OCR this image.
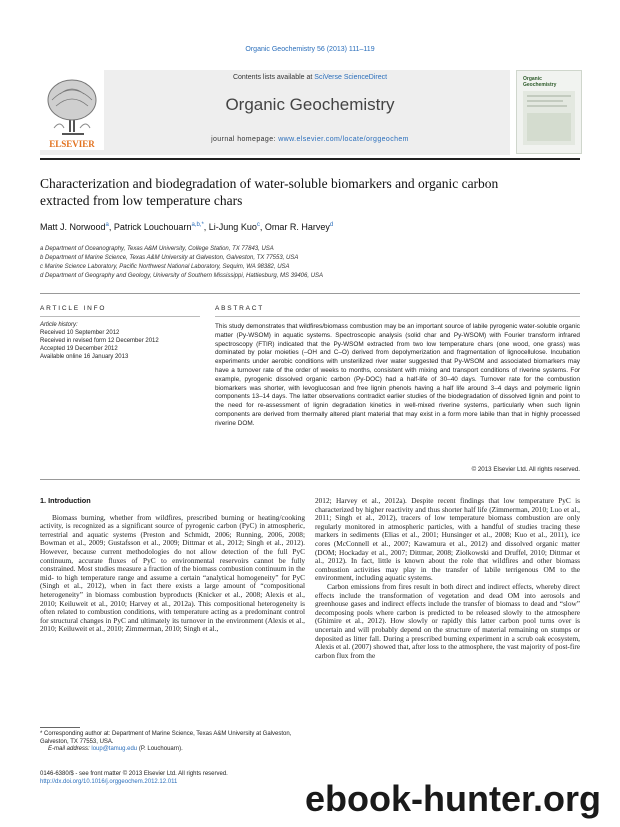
Organic Geochemistry 56 (2013) 111–119
ELSEVIER
Contents lists available at SciVerse ScienceDirect
Organic Geochemistry
journal homepage: www.elsevier.com/locate/orggeochem
Organic Geochemistry
Characterization and biodegradation of water-soluble biomarkers and organic carbon extracted from low temperature chars
Matt J. Norwood$^a$, Patrick Louchouarn$^{a,b,*}$, Li-Jung Kuo$^c$, Omar R. Harvey$^d$
a Department of Oceanography, Texas A&M University, College Station, TX 77843, USA
b Department of Marine Science, Texas A&M University at Galveston, Galveston, TX 77553, USA
c Marine Science Laboratory, Pacific Northwest National Laboratory, Sequim, WA 98382, USA
d Department of Geography and Geology, University of Southern Mississippi, Hattiesburg, MS 39406, USA
ARTICLE INFO	ABSTRACT
Article history:
Received 10 September 2012
Received in revised form 12 December 2012
Accepted 19 December 2012
Available online 16 January 2013
This study demonstrates that wildfires/biomass combustion may be an important source of labile pyrogenic water-soluble organic matter (Py-WSOM) in aquatic systems. Spectroscopic analysis (solid char and Py-WSOM) with Fourier transform infrared spectroscopy (FTIR) indicated that the Py-WSOM extracted from two low temperature chars (one wood, one grass) was dominated by polar moieties (–OH and C–O) derived from depolymerization and fragmentation of lignocellulose. Incubation experiments under aerobic conditions with unsterilized river water suggested that Py-WSOM and associated biomarkers may have a turnover rate of the order of weeks to months, consistent with mixing and transport conditions of riverine systems. For example, pyrogenic dissolved organic carbon (Py-DOC) had a half-life of 30–40 days. Turnover rate for the combustion biomarkers was shorter, with levoglucosan and free lignin phenols having a half life around 3–4 days and polymeric lignin components 13–14 days. The latter observations contradict earlier studies of the biodegradation of dissolved lignin and point to the need for re-assessment of lignin degradation kinetics in well-mixed riverine systems, particularly when such lignin components are derived from thermally altered plant material that may exist in a form more labile than that in highly processed riverine DOM.
© 2013 Elsevier Ltd. All rights reserved.
1. Introduction

Biomass burning, whether from wildfires, prescribed burning or heating/cooking activity, is recognized as a significant source of pyrogenic carbon (PyC) in atmospheric, terrestrial and aquatic systems (Preston and Schmidt, 2006; Running, 2006, 2008; Bowman et al., 2009; Gustafsson et al., 2009; Dittmar et al., 2012; Singh et al., 2012). However, because current methodologies do not allow detection of the full PyC continuum, accurate fluxes of PyC to environmental reservoirs cannot be fully constrained. Most studies measure a fraction of the biomass combustion continuum in the mid- to high temperature range and assume a certain “analytical homogeneity” for PyC (Singh et al., 2012), when in fact there exists a large amount of “compositional heterogeneity” in biomass combustion byproducts (Knicker et al., 2008; Alexis et al., 2010; Keiluweit et al., 2010; Harvey et al., 2012a). This compositional heterogeneity is often related to combustion conditions, with temperature acting as a predominant control for structural changes in PyC and ultimately its turnover in the environment (Alexis et al., 2010; Keiluweit et al., 2010; Zimmerman, 2010; Singh et al.,

2012; Harvey et al., 2012a). Despite recent findings that low temperature PyC is characterized by higher reactivity and thus shorter half life (Zimmerman, 2010; Luo et al., 2011; Singh et al., 2012), tracers of low temperature biomass combustion are only regularly monitored in atmospheric particles, with a handful of studies tracing these markers in sediments (Elias et al., 2001; Hunsinger et al., 2008; Kuo et al., 2011), ice cores (McConnell et al., 2007; Kawamura et al., 2012) and dissolved organic matter (DOM; Hockaday et al., 2007; Dittmar, 2008; Ziolkowski and Druffel, 2010; Dittmar et al., 2012). In fact, little is known about the role that wildfires and other biomass combustion activities may play in the transfer of labile terrigenous OM to the environment, including aquatic systems.

Carbon emissions from fires result in both direct and indirect effects, whereby direct effects include the transformation of vegetation and dead OM into aerosols and greenhouse gases and indirect effects include the transfer of biomass to dead and “slow” decomposing pools where carbon is predicted to be released slowly to the atmosphere (Ghimire et al., 2012). How slowly or rapidly this latter carbon pool turns over is uncertain and will probably depend on the structure of material remaining on stumps or deposited as litter fall. During a prescribed burning experiment in a scrub oak ecosystem, Alexis et al. (2007) showed that, after loss to the atmosphere, the vast majority of post-fire carbon flux from the

* Corresponding author at: Department of Marine Science, Texas A&M University at Galveston, Galveston, TX 77553, USA.
E-mail address: loup@tamug.edu (P. Louchouarn).
0146-6380/$ - see front matter © 2013 Elsevier Ltd. All rights reserved.
http://dx.doi.org/10.1016/j.orggeochem.2012.12.011	ebook-hunter.org
